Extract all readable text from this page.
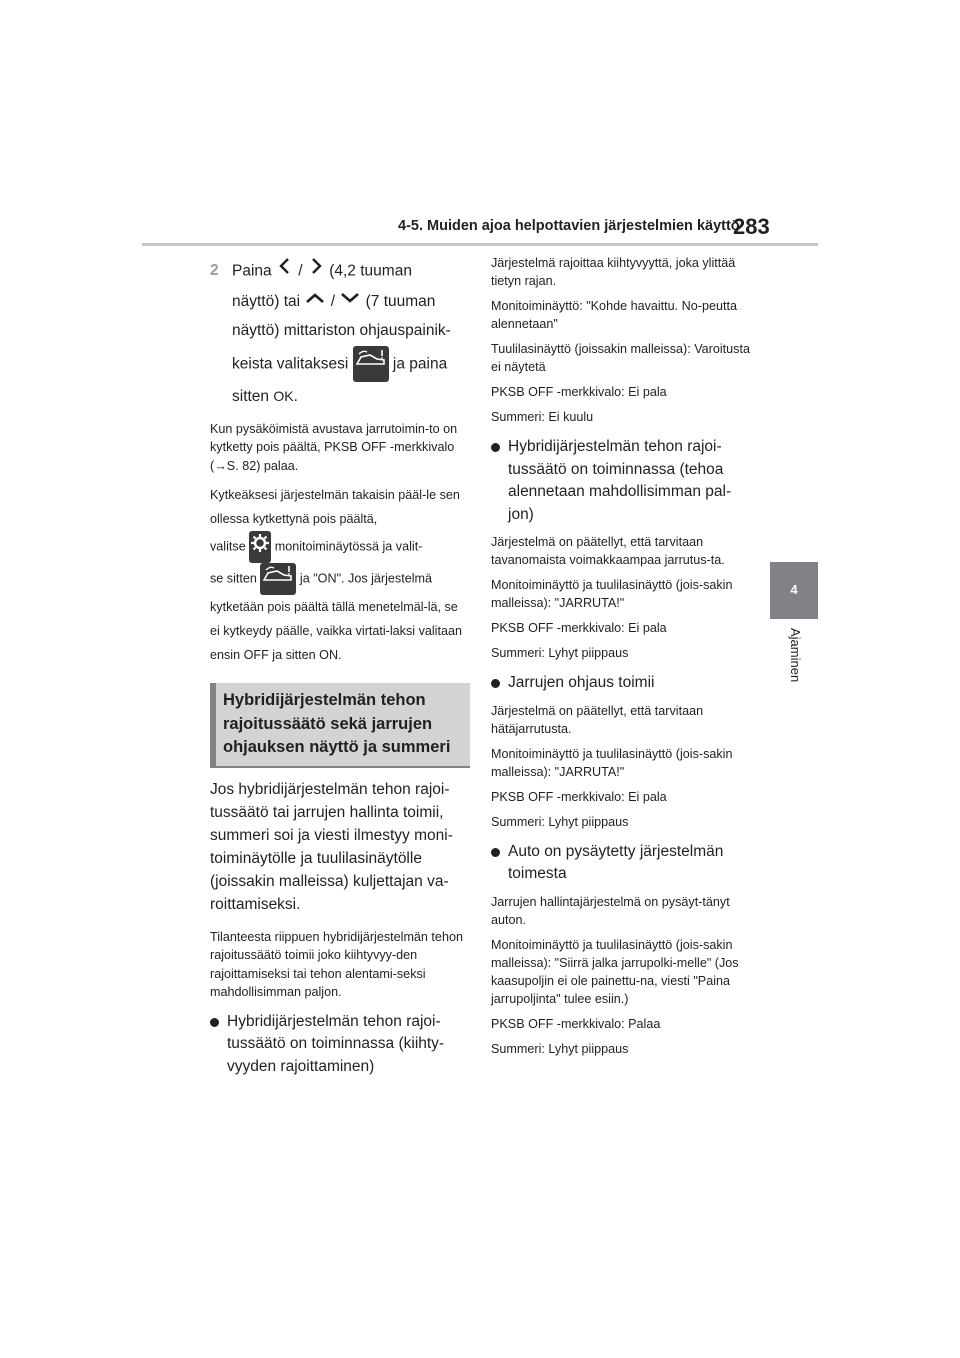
4-5. Muiden ajoa helpottavien järjestelmien käyttö
283
4
Ajaminen
2 Paina / (4,2 tuuman
näyttö) tai / (7 tuuman
näyttö) mittariston ohjauspainik-
keista valitaksesi	ja paina
sitten OK.
Kun pysäköimistä avustava jarrutoimin-to on kytketty pois päältä, PKSB OFF -merkkivalo (→S. 82) palaa.
Kytkeäksesi järjestelmän takaisin pääl-le sen ollessa kytkettynä pois päältä,
valitse monitoiminäytössä ja valit-
se sitten	ja "ON". Jos järjestelmä
kytketään pois päältä tällä menetelmäl-lä, se ei kytkeydy päälle, vaikka virtati-laksi valitaan ensin OFF ja sitten ON.
Hybridijärjestelmän tehon rajoitussäätö sekä jarrujen ohjauksen näyttö ja summeri
Jos hybridijärjestelmän tehon rajoi-tussäätö tai jarrujen hallinta toimii, summeri soi ja viesti ilmestyy moni-toiminäytölle ja tuulilasinäytölle (joissakin malleissa) kuljettajan va-roittamiseksi.
Tilanteesta riippuen hybridijärjestelmän tehon rajoitussäätö toimii joko kiihtyvyy-den rajoittamiseksi tai tehon alentami-seksi mahdollisimman paljon.
Hybridijärjestelmän tehon rajoi-tussäätö on toiminnassa (kiihty-vyyden rajoittaminen)
Järjestelmä rajoittaa kiihtyvyyttä, joka ylittää tietyn rajan.
Monitoiminäyttö: "Kohde havaittu. No-peutta alennetaan"
Tuulilasinäyttö (joissakin malleissa): Varoitusta ei näytetä
PKSB OFF -merkkivalo: Ei pala
Summeri: Ei kuulu
Hybridijärjestelmän tehon rajoi-tussäätö on toiminnassa (tehoa alennetaan mahdollisimman pal-jon)
Järjestelmä on päätellyt, että tarvitaan tavanomaista voimakkaampaa jarrutus-ta.
Monitoiminäyttö ja tuulilasinäyttö (jois-sakin malleissa): "JARRUTA!"
PKSB OFF -merkkivalo: Ei pala
Summeri: Lyhyt piippaus
Jarrujen ohjaus toimii
Järjestelmä on päätellyt, että tarvitaan hätäjarrutusta.
Monitoiminäyttö ja tuulilasinäyttö (jois-sakin malleissa): "JARRUTA!"
PKSB OFF -merkkivalo: Ei pala
Summeri: Lyhyt piippaus
Auto on pysäytetty järjestelmän toimesta
Jarrujen hallintajärjestelmä on pysäyt-tänyt auton.
Monitoiminäyttö ja tuulilasinäyttö (jois-sakin malleissa): "Siirrä jalka jarrupolki-melle" (Jos kaasupoljin ei ole painettu-na, viesti "Paina jarrupoljinta" tulee esiin.)
PKSB OFF -merkkivalo: Palaa
Summeri: Lyhyt piippaus
